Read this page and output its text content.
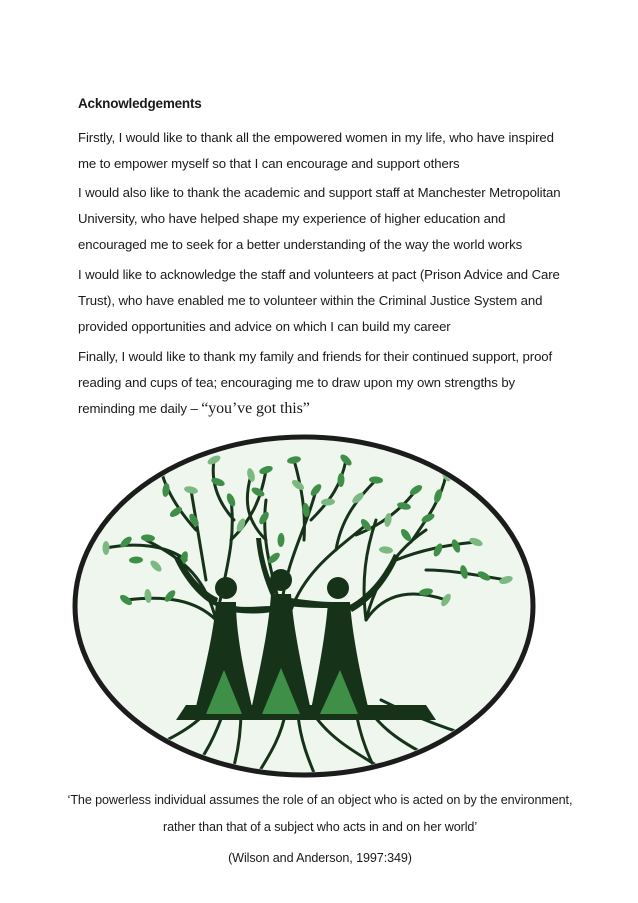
Acknowledgements
Firstly, I would like to thank all the empowered women in my life, who have inspired
me to empower myself so that I can encourage and support others
I would also like to thank the academic and support staff at Manchester Metropolitan
University, who have helped shape my experience of higher education and
encouraged me to seek for a better understanding of the way the world works
I would like to acknowledge the staff and volunteers at pact (Prison Advice and Care
Trust), who have enabled me to volunteer within the Criminal Justice System and
provided opportunities and advice on which I can build my career
Finally, I would like to thank my family and friends for their continued support, proof
reading and cups of tea; encouraging me to draw upon my own strengths by
reminding me daily – “you’ve got this”
‘The powerless individual assumes the role of an object who is acted on by the environment,
rather than that of a subject who acts in and on her world’
(Wilson and Anderson, 1997:349)
